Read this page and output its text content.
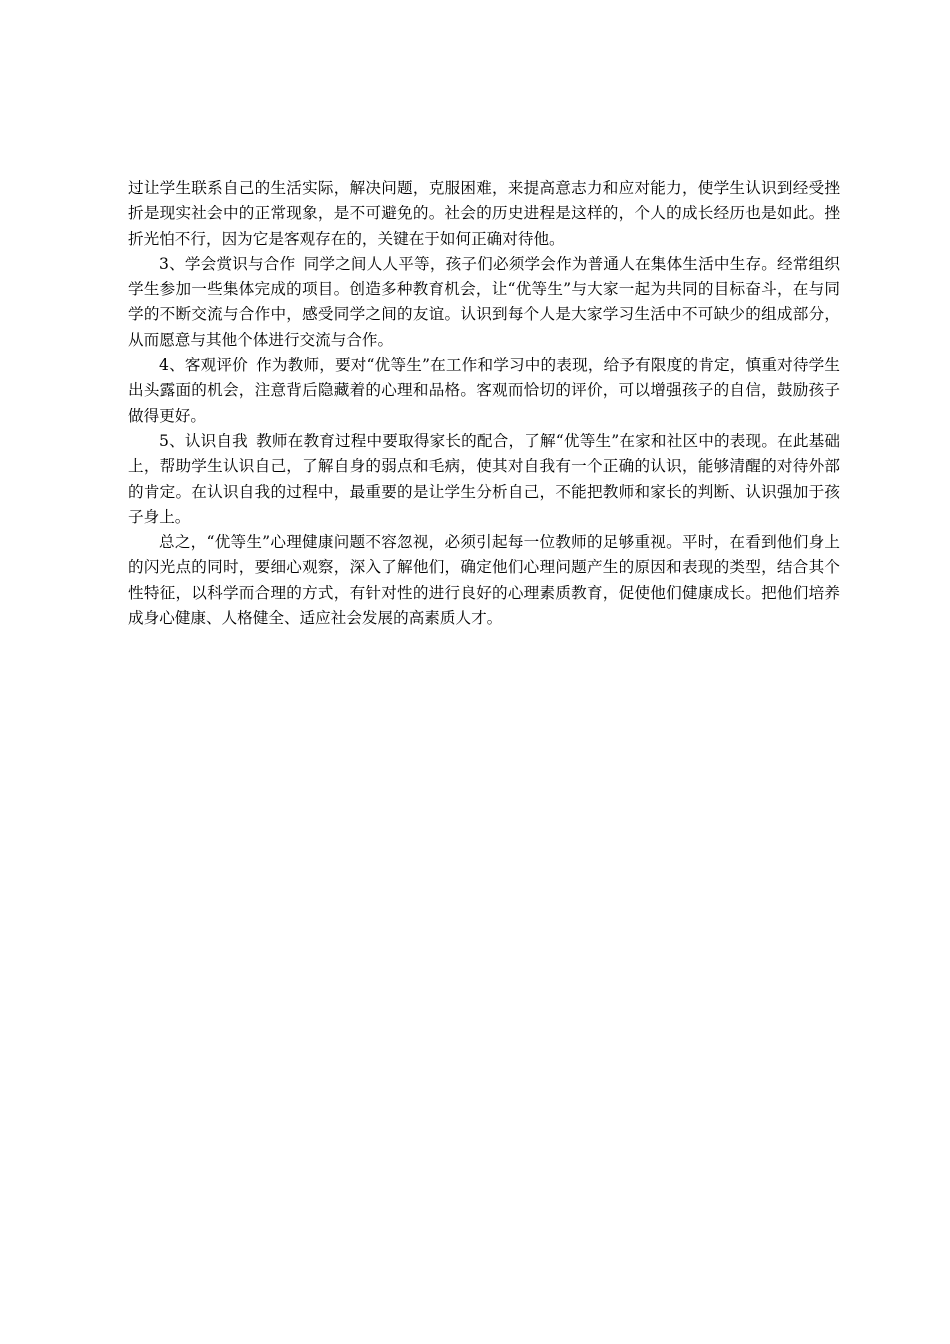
过让学生联系自己的生活实际，解决问题，克服困难，来提高意志力和应对能力，使学生认识到经受挫折是现实社会中的正常现象，是不可避免的。社会的历史进程是这样的，个人的成长经历也是如此。挫折光怕不行，因为它是客观存在的，关键在于如何正确对待他。

3、学会赏识与合作 同学之间人人平等，孩子们必须学会作为普通人在集体生活中生存。经常组织学生参加一些集体完成的项目。创造多种教育机会，让“优等生”与大家一起为共同的目标奋斗，在与同学的不断交流与合作中，感受同学之间的友谊。认识到每个人是大家学习生活中不可缺少的组成部分，从而愿意与其他个体进行交流与合作。

4、客观评价 作为教师，要对“优等生”在工作和学习中的表现，给予有限度的肯定，慎重对待学生出头露面的机会，注意背后隐藏着的心理和品格。客观而恰切的评价，可以增强孩子的自信，鼓励孩子做得更好。

5、认识自我 教师在教育过程中要取得家长的配合，了解“优等生”在家和社区中的表现。在此基础上，帮助学生认识自己，了解自身的弱点和毛病，使其对自我有一个正确的认识，能够清醒的对待外部的肯定。在认识自我的过程中，最重要的是让学生分析自己，不能把教师和家长的判断、认识强加于孩子身上。

总之，“优等生”心理健康问题不容忽视，必须引起每一位教师的足够重视。平时，在看到他们身上的闪光点的同时，要细心观察，深入了解他们，确定他们心理问题产生的原因和表现的类型，结合其个性特征，以科学而合理的方式，有针对性的进行良好的心理素质教育，促使他们健康成长。把他们培养成身心健康、人格健全、适应社会发展的高素质人才。
